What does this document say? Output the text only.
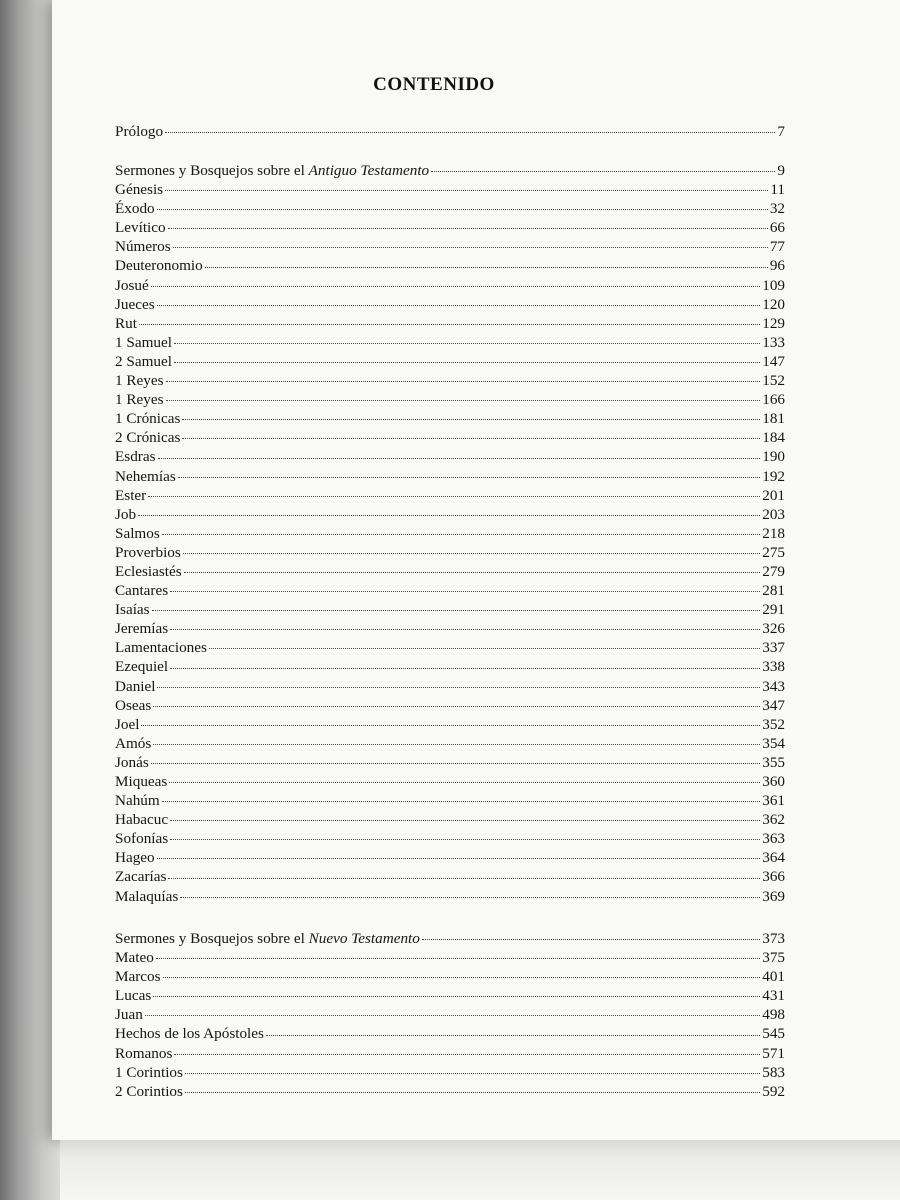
CONTENIDO
Prólogo	7
Sermones y Bosquejos sobre el Antiguo Testamento	9
Génesis	11
Éxodo	32
Levítico	66
Números	77
Deuteronomio	96
Josué	109
Jueces	120
Rut	129
1 Samuel	133
2 Samuel	147
1 Reyes	152
1 Reyes	166
1 Crónicas	181
2 Crónicas	184
Esdras	190
Nehemías	192
Ester	201
Job	203
Salmos	218
Proverbios	275
Eclesiastés	279
Cantares	281
Isaías	291
Jeremías	326
Lamentaciones	337
Ezequiel	338
Daniel	343
Oseas	347
Joel	352
Amós	354
Jonás	355
Miqueas	360
Nahúm	361
Habacuc	362
Sofonías	363
Hageo	364
Zacarías	366
Malaquías	369
Sermones y Bosquejos sobre el Nuevo Testamento	373
Mateo	375
Marcos	401
Lucas	431
Juan	498
Hechos de los Apóstoles	545
Romanos	571
1 Corintios	583
2 Corintios	592
